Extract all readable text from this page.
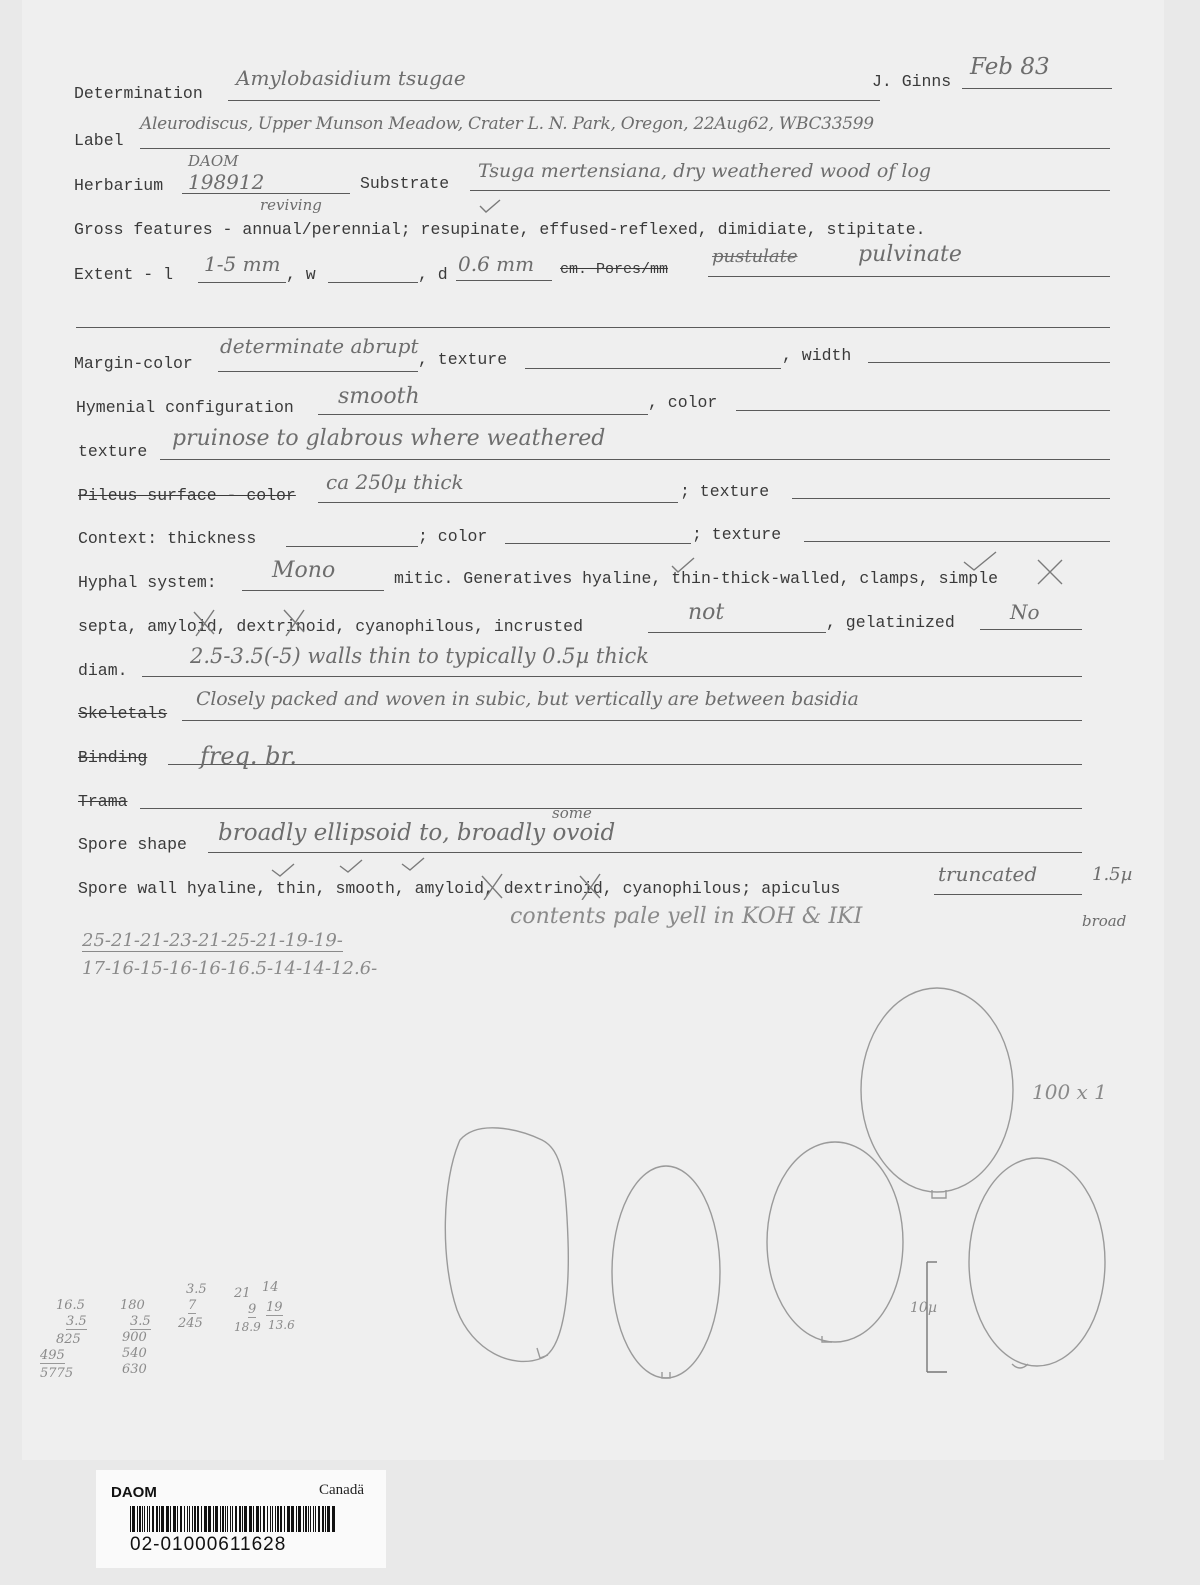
Determination
Amylobasidium tsugae	J. Ginns
Feb 83
Label
Aleurodiscus, Upper Munson Meadow, Crater L. N. Park, Oregon, 22Aug62, WBC33599
Herbarium
DAOM
198912	Substrate
Tsuga mertensiana, dry weathered wood of log
reviving
Gross features - annual/perennial; resupinate, effused-reflexed, dimidiate, stipitate.
Extent - l 1-5 mm , w	, d 0.6 mm cm. Pores/mm
pustulate	pulvinate
Margin-color
determinate abrupt
, texture	, width
Hymenial configuration smooth	, color
texture
pruinose to glabrous where weathered
Pileus surface - color
ca 250µ thick	; texture
Context: thickness	; color	; texture
Hyphal system:	Mono	mitic. Generatives hyaline, thin-thick-walled, clamps, simple
septa, amyloid, dextrinoid, cyanophilous, incrusted
not	, gelatinized	No
diam.
2.5-3.5(-5) walls thin to typically 0.5µ thick
Skeletals
Closely packed and woven in subic, but vertically arе between basidia
Binding freq. br.
Trama
some
Spore shape broadly ellipsoid to, broadly ovoid
Spore wall hyaline, thin, smooth, amyloid, dextrinoid, cyanophilous; apiculus
truncated	1.5µ
broad
contents pale yell in KOH & IKI
25-21-21-23-21-25-21-19-19-
17-16-15-16-16-16.5-14-14-12.6-
16.5
3.5
825
495
5775
180
3.5
900
540
630
3.5
7
245
21
9
18.9
14
19
13.6
10µ
100 x 1
DAOM	Canadä
02-01000611628
